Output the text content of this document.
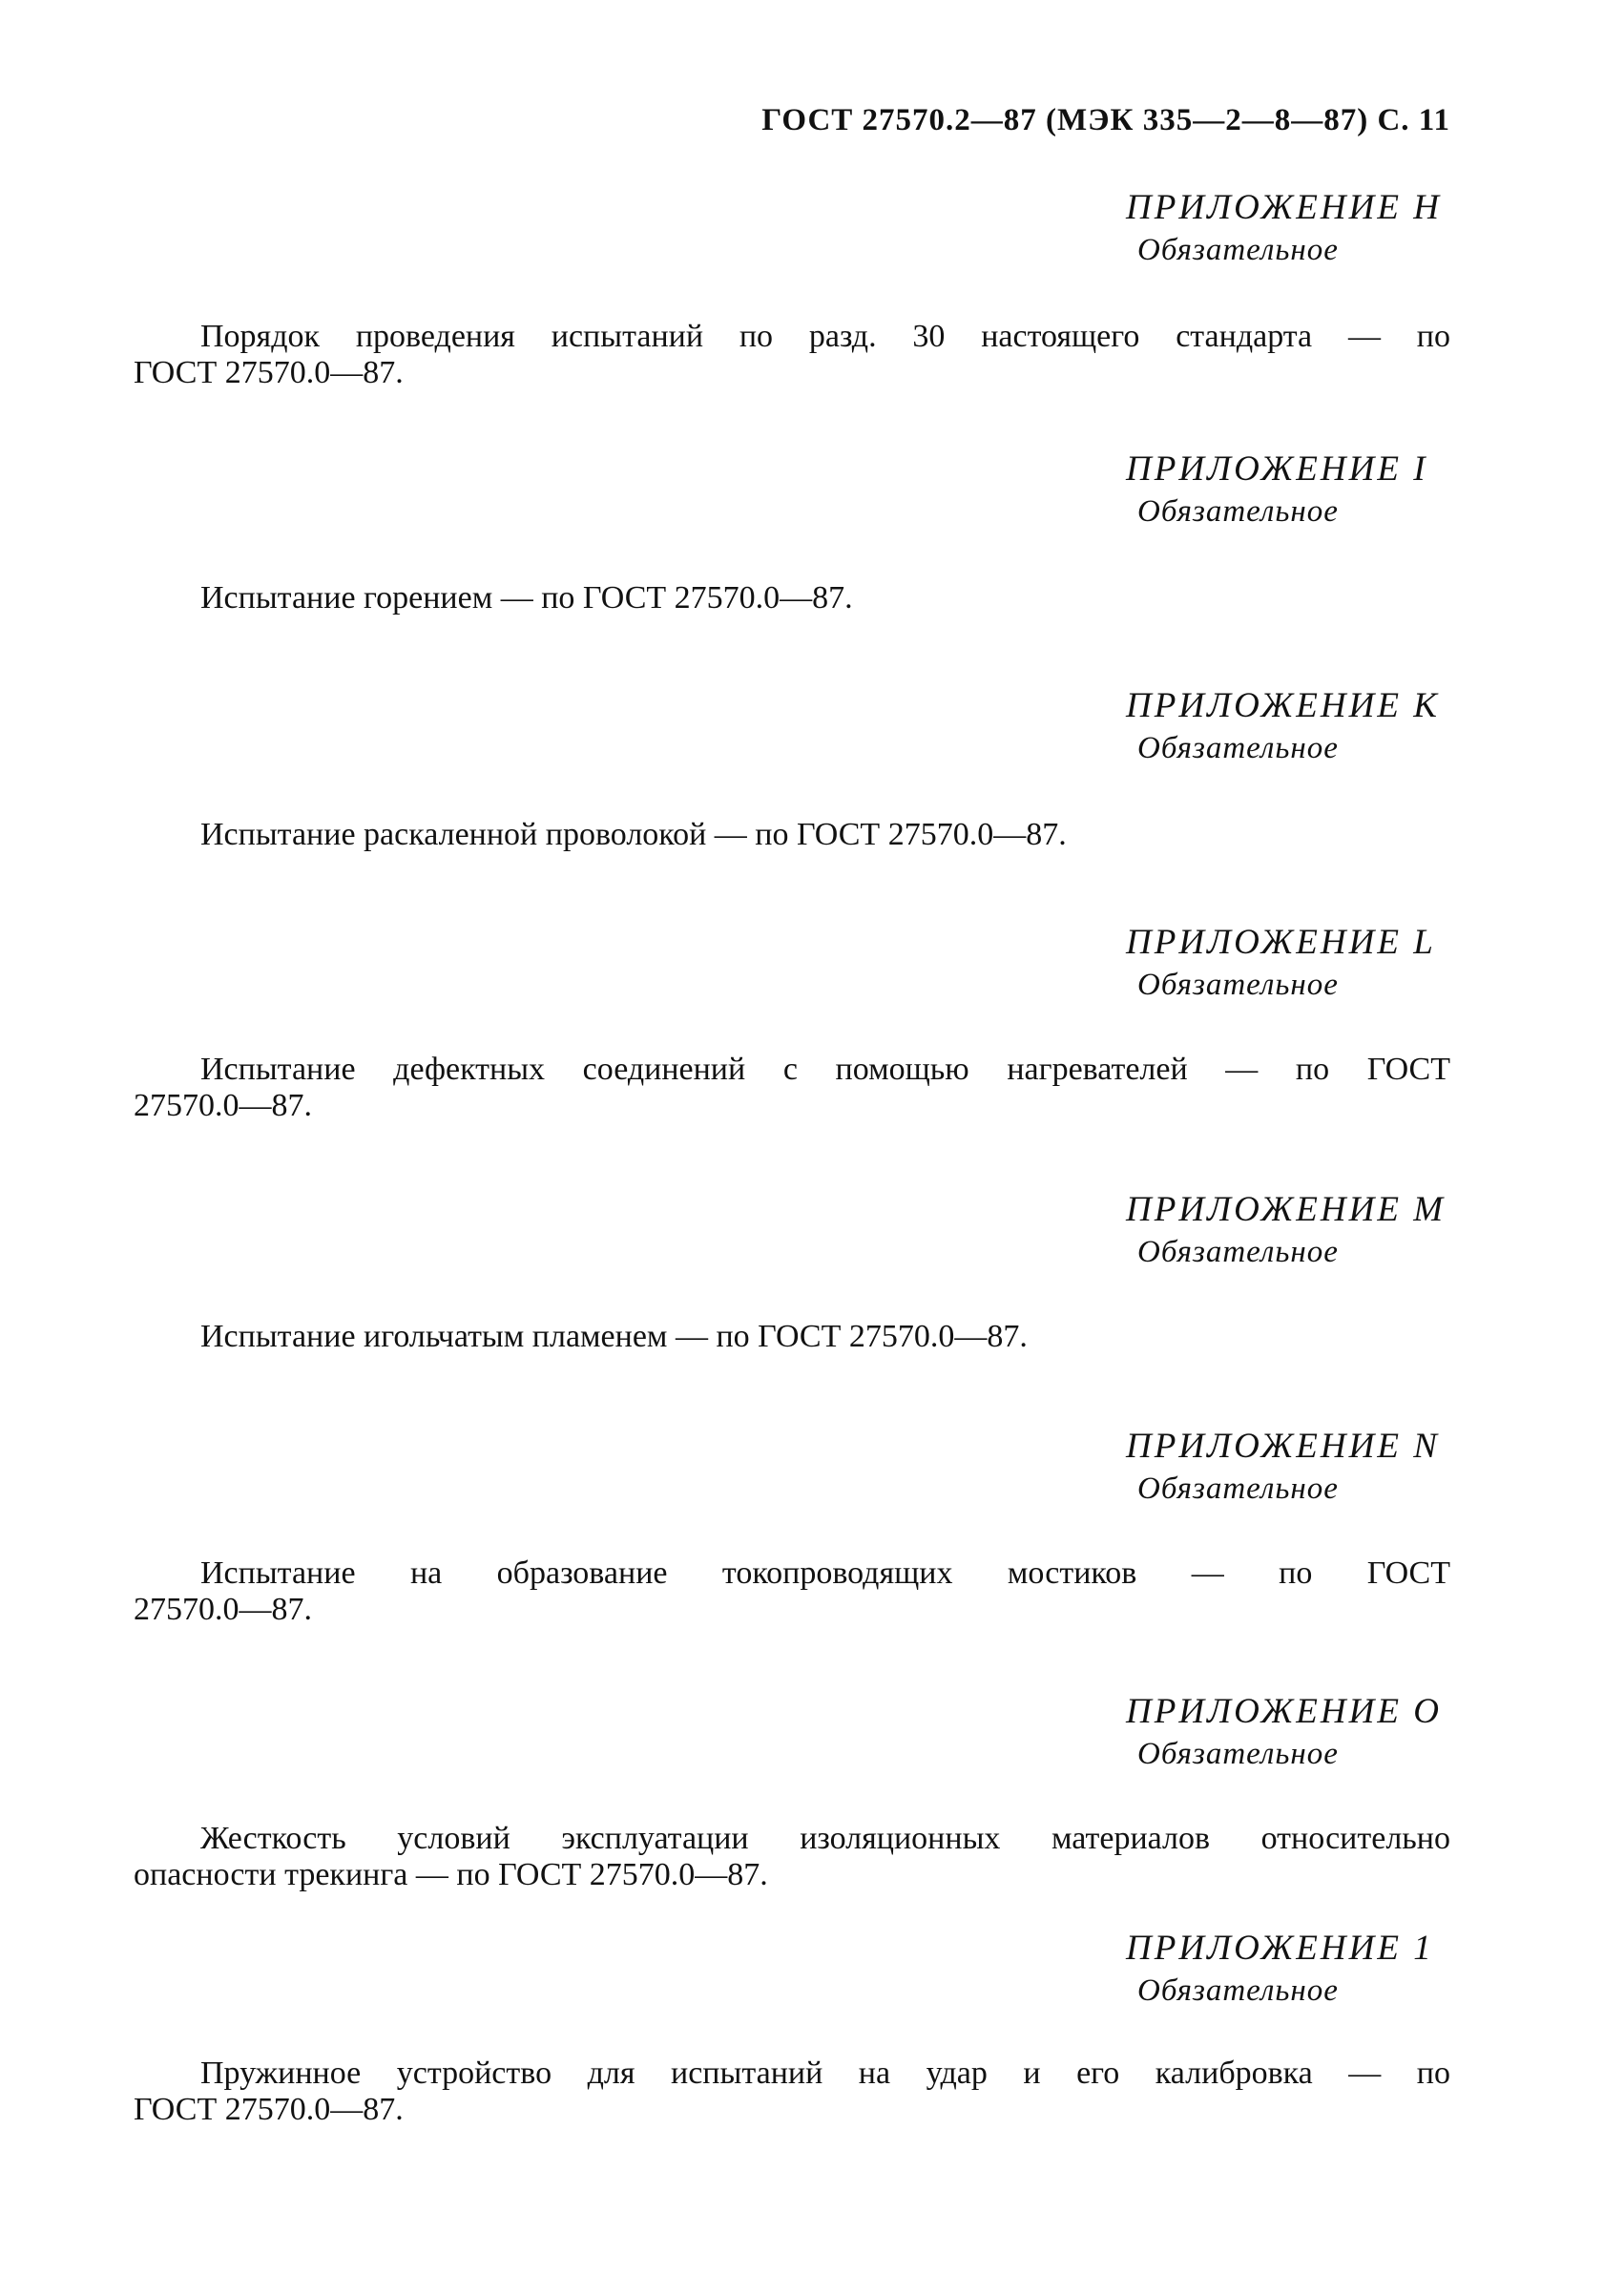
ГОСТ 27570.2—87 (МЭК 335—2—8—87) С. 11
ПРИЛОЖЕНИЕ H
Обязательное
Порядок проведения испытаний по разд. 30 настоящего стандарта — по
ГОСТ 27570.0—87.
ПРИЛОЖЕНИЕ I
Обязательное
Испытание горением — по ГОСТ 27570.0—87.
ПРИЛОЖЕНИЕ K
Обязательное
Испытание раскаленной проволокой — по ГОСТ 27570.0—87.
ПРИЛОЖЕНИЕ L
Обязательное
Испытание дефектных соединений с помощью нагревателей — по ГОСТ
27570.0—87.
ПРИЛОЖЕНИЕ M
Обязательное
Испытание игольчатым пламенем — по ГОСТ 27570.0—87.
ПРИЛОЖЕНИЕ N
Обязательное
Испытание на образование токопроводящих мостиков — по ГОСТ
27570.0—87.
ПРИЛОЖЕНИЕ O
Обязательное
Жесткость условий эксплуатации изоляционных материалов относительно
опасности трекинга — по ГОСТ 27570.0—87.
ПРИЛОЖЕНИЕ 1
Обязательное
Пружинное устройство для испытаний на удар и его калибровка — по
ГОСТ 27570.0—87.
